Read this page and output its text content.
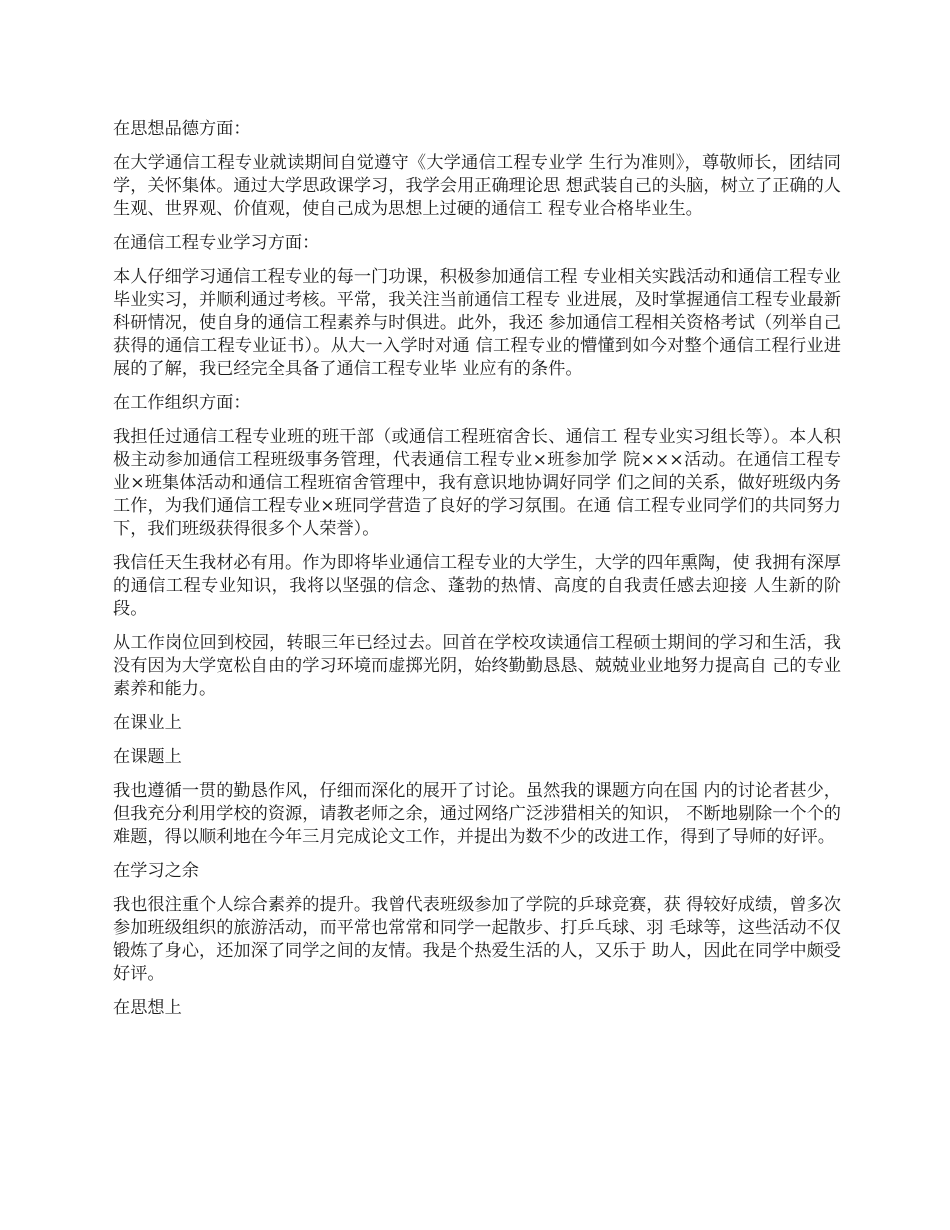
在思想品德方面：

在大学通信工程专业就读期间自觉遵守《大学通信工程专业学 生行为准则》，尊敬师长，团结同学，关怀集体。通过大学思政课学习，我学会用正确理论思 想武装自己的头脑，树立了正确的人生观、世界观、价值观，使自己成为思想上过硬的通信工 程专业合格毕业生。

在通信工程专业学习方面：

本人仔细学习通信工程专业的每一门功课，积极参加通信工程 专业相关实践活动和通信工程专业毕业实习，并顺利通过考核。平常，我关注当前通信工程专 业进展，及时掌握通信工程专业最新科研情况，使自身的通信工程素养与时俱进。此外，我还 参加通信工程相关资格考试（列举自己获得的通信工程专业证书）。从大一入学时对通 信工程专业的懵懂到如今对整个通信工程行业进展的了解，我已经完全具备了通信工程专业毕 业应有的条件。

在工作组织方面：

我担任过通信工程专业班的班干部（或通信工程班宿舍长、通信工 程专业实习组长等）。本人积极主动参加通信工程班级事务管理，代表通信工程专业×班参加学 院×××活动。在通信工程专业×班集体活动和通信工程班宿舍管理中，我有意识地协调好同学 们之间的关系，做好班级内务工作，为我们通信工程专业×班同学营造了良好的学习氛围。在通 信工程专业同学们的共同努力下，我们班级获得很多个人荣誉）。

我信任天生我材必有用。作为即将毕业通信工程专业的大学生，大学的四年熏陶，使 我拥有深厚的通信工程专业知识，我将以坚强的信念、蓬勃的热情、高度的自我责任感去迎接 人生新的阶段。

从工作岗位回到校园，转眼三年已经过去。回首在学校攻读通信工程硕士期间的学习和生活，我没有因为大学宽松自由的学习环境而虚掷光阴，始终勤勤恳恳、兢兢业业地努力提高自 己的专业素养和能力。

在课业上

在课题上

我也遵循一贯的勤恳作风，仔细而深化的展开了讨论。虽然我的课题方向在国 内的讨论者甚少，但我充分利用学校的资源，请教老师之余，通过网络广泛涉猎相关的知识， 不断地剔除一个个的难题，得以顺利地在今年三月完成论文工作，并提出为数不少的改进工作，得到了导师的好评。

在学习之余

我也很注重个人综合素养的提升。我曾代表班级参加了学院的乒球竞赛，获 得较好成绩，曾多次参加班级组织的旅游活动，而平常也常常和同学一起散步、打乒乓球、羽 毛球等，这些活动不仅锻炼了身心，还加深了同学之间的友情。我是个热爱生活的人，又乐于 助人，因此在同学中颇受好评。

在思想上
